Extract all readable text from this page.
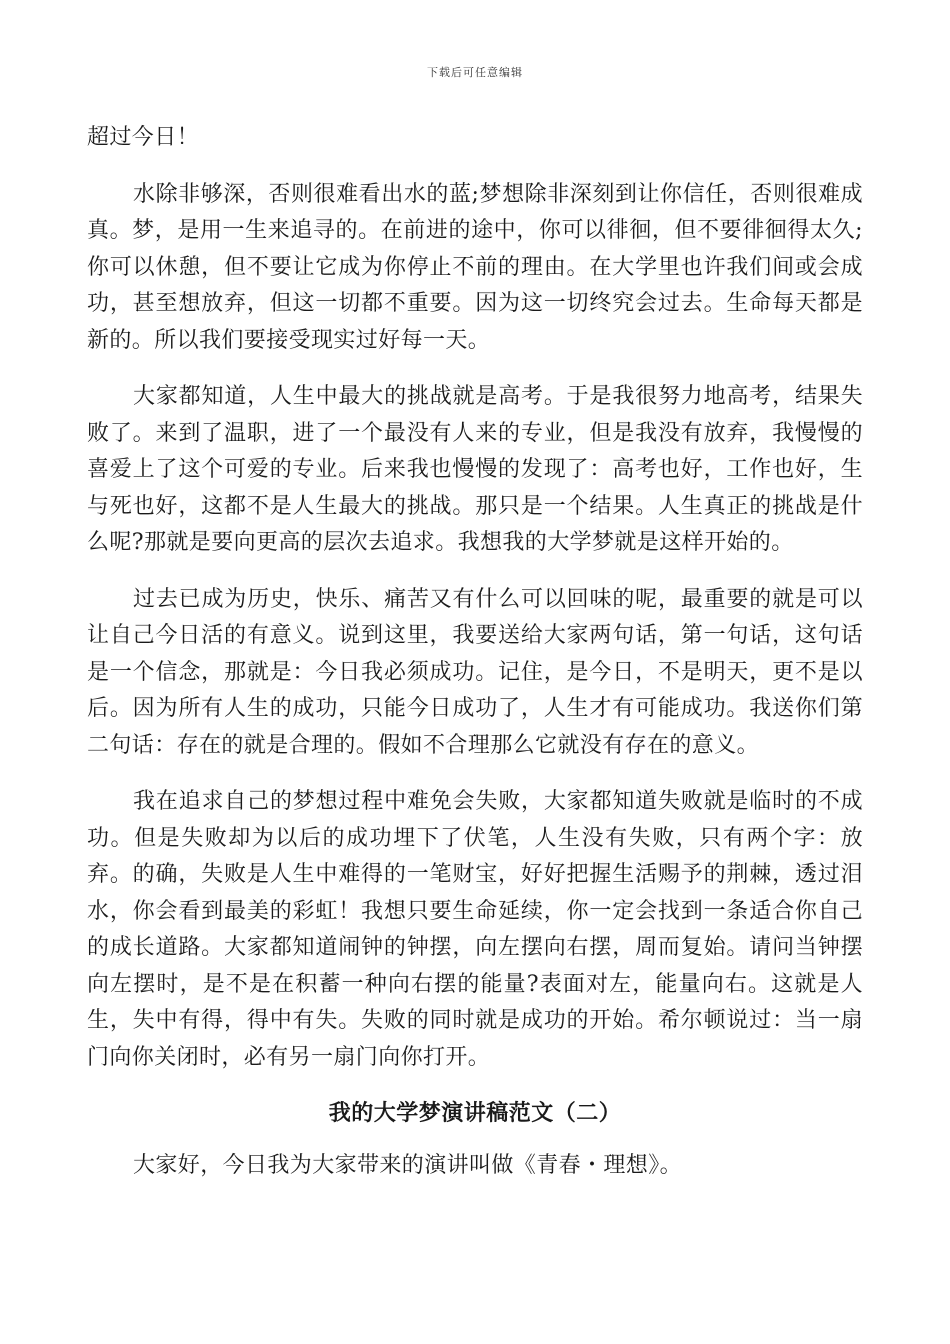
下载后可任意编辑

超过今日！

水除非够深，否则很难看出水的蓝;梦想除非深刻到让你信任，否则很难成真。梦，是用一生来追寻的。在前进的途中，你可以徘徊，但不要徘徊得太久;你可以休憩，但不要让它成为你停止不前的理由。在大学里也许我们间或会成功，甚至想放弃，但这一切都不重要。因为这一切终究会过去。生命每天都是新的。所以我们要接受现实过好每一天。

大家都知道，人生中最大的挑战就是高考。于是我很努力地高考，结果失败了。来到了温职，进了一个最没有人来的专业，但是我没有放弃，我慢慢的喜爱上了这个可爱的专业。后来我也慢慢的发现了：高考也好，工作也好，生与死也好，这都不是人生最大的挑战。那只是一个结果。人生真正的挑战是什么呢?那就是要向更高的层次去追求。我想我的大学梦就是这样开始的。

过去已成为历史，快乐、痛苦又有什么可以回味的呢，最重要的就是可以让自己今日活的有意义。说到这里，我要送给大家两句话，第一句话，这句话是一个信念，那就是：今日我必须成功。记住，是今日，不是明天，更不是以后。因为所有人生的成功，只能今日成功了，人生才有可能成功。我送你们第二句话：存在的就是合理的。假如不合理那么它就没有存在的意义。

我在追求自己的梦想过程中难免会失败，大家都知道失败就是临时的不成功。但是失败却为以后的成功埋下了伏笔，人生没有失败，只有两个字：放弃。的确，失败是人生中难得的一笔财宝，好好把握生活赐予的荆棘，透过泪水，你会看到最美的彩虹！我想只要生命延续，你一定会找到一条适合你自己的成长道路。大家都知道闹钟的钟摆，向左摆向右摆，周而复始。请问当钟摆向左摆时，是不是在积蓄一种向右摆的能量?表面对左，能量向右。这就是人生，失中有得，得中有失。失败的同时就是成功的开始。希尔顿说过：当一扇门向你关闭时，必有另一扇门向你打开。

我的大学梦演讲稿范文（二）

大家好，今日我为大家带来的演讲叫做《青春・理想》。
